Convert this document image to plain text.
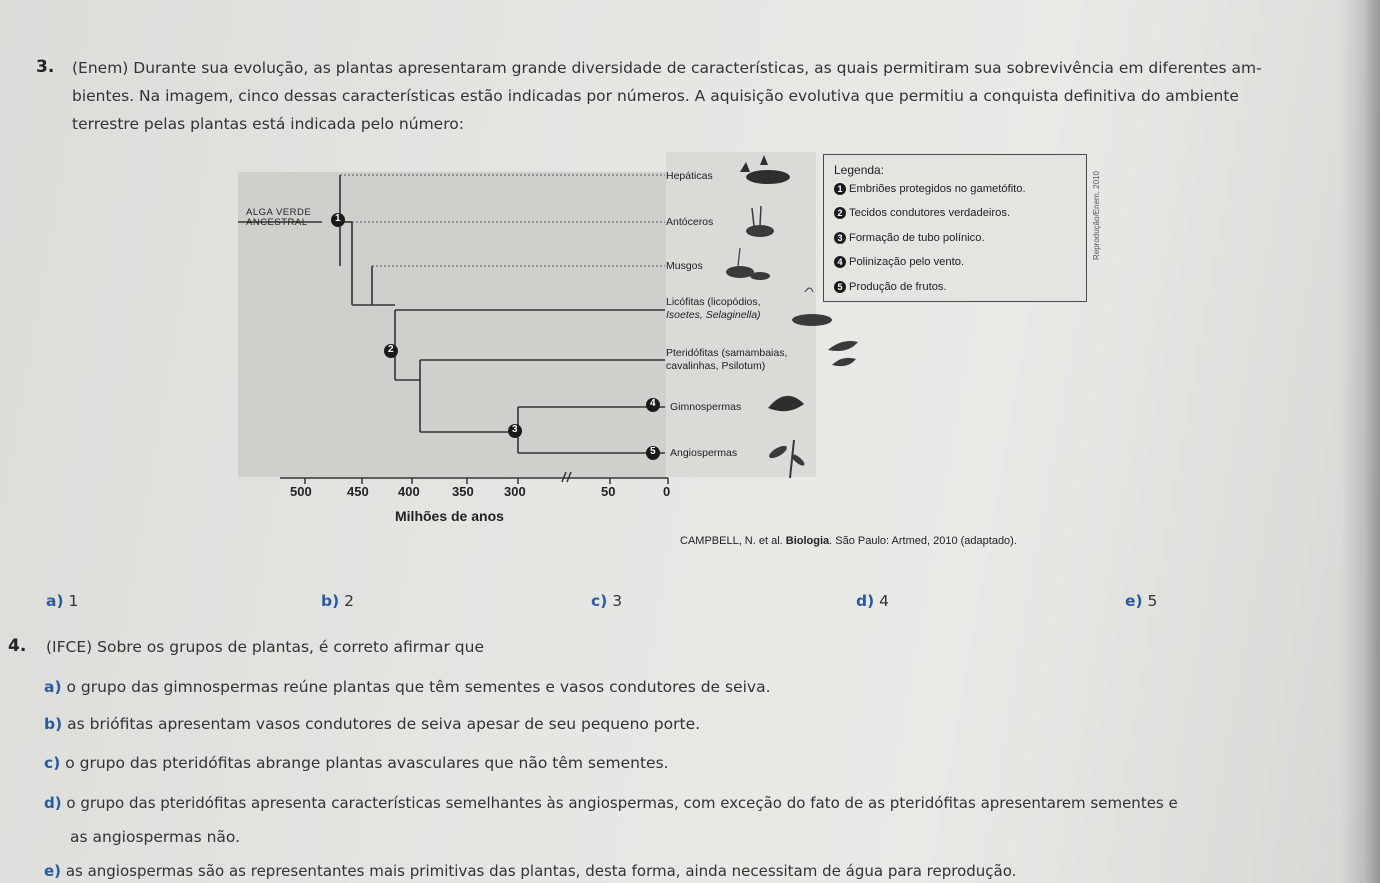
3. (Enem) Durante sua evolução, as plantas apresentaram grande diversidade de características, as quais permitiram sua sobrevivência em diferentes am-
bientes. Na imagem, cinco dessas características estão indicadas por números. A aquisição evolutiva que permitiu a conquista definitiva do ambiente
terrestre pelas plantas está indicada pelo número:
ALGA VERDE
ANCESTRAL	1
2
3
4
5
Hepáticas
Antóceros
Musgos
Licófitas (licopódios,
Isoetes, Selaginella)
Pteridófitas (samambaias,
cavalinhas, Psilotum)
Gimnospermas
Angiospermas
500	450 400 350 300	50	0
Milhões de anos
Legenda:
1 Embriões protegidos no gametófito.
2 Tecidos condutores verdadeiros.
3 Formação de tubo polínico.
4 Polinização pelo vento.
5 Produção de frutos.
Reprodução/Enem, 2010
CAMPBELL, N. et al. Biologia. São Paulo: Artmed, 2010 (adaptado).
a) 1	b) 2	c) 3	d) 4	e) 5
4. (IFCE) Sobre os grupos de plantas, é correto afirmar que
a) o grupo das gimnospermas reúne plantas que têm sementes e vasos condutores de seiva.
b) as briófitas apresentam vasos condutores de seiva apesar de seu pequeno porte.
c) o grupo das pteridófitas abrange plantas avasculares que não têm sementes.
d) o grupo das pteridófitas apresenta características semelhantes às angiospermas, com exceção do fato de as pteridófitas apresentarem sementes e
as angiospermas não.
e) as angiospermas são as representantes mais primitivas das plantas, desta forma, ainda necessitam de água para reprodução.
